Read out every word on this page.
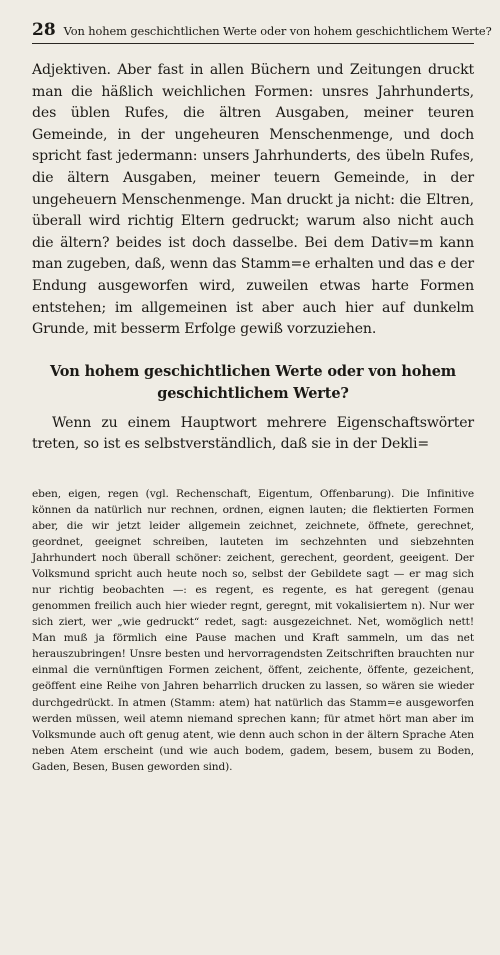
28 Von hohem geschichtlichen Werte oder von hohem geschichtlichem Werte?

Adjektiven. Aber fast in allen Büchern und Zeitungen druckt man die häßlich weichlichen Formen: unsres Jahrhunderts, des üblen Rufes, die ältren Ausgaben, meiner teuren Gemeinde, in der ungeheuren Menschenmenge, und doch spricht fast jedermann: unsers Jahrhunderts, des übeln Rufes, die ältern Ausgaben, meiner teuern Gemeinde, in der ungeheuern Menschenmenge. Man druckt ja nicht: die Eltren, überall wird richtig Eltern gedruckt; warum also nicht auch die ältern? beides ist doch dasselbe. Bei dem Dativ=m kann man zugeben, daß, wenn das Stamm=e erhalten und das e der Endung ausgeworfen wird, zuweilen etwas harte Formen entstehen; im allgemeinen ist aber auch hier auf dunkelm Grunde, mit besserm Erfolge gewiß vorzuziehen.

Von hohem geschichtlichen Werte oder von hohem geschichtlichem Werte?

Wenn zu einem Hauptwort mehrere Eigenschaftswörter treten, so ist es selbstverständlich, daß sie in der Dekli=

eben, eigen, regen (vgl. Rechenschaft, Eigentum, Offenbarung). Die Infinitive können da natürlich nur rechnen, ordnen, eignen lauten; die flektierten Formen aber, die wir jetzt leider allgemein zeichnet, zeichnete, öffnete, gerechnet, geordnet, geeignet schreiben, lauteten im sechzehnten und siebzehnten Jahrhundert noch überall schöner: zeichent, gerechent, geordent, geeigent. Der Volksmund spricht auch heute noch so, selbst der Gebildete sagt — er mag sich nur richtig beobachten —: es regent, es regente, es hat geregent (genau genommen freilich auch hier wieder regnt, geregnt, mit vokalisiertem n). Nur wer sich ziert, wer „wie gedruckt“ redet, sagt: ausgezeichnet. Net, womöglich nett! Man muß ja förmlich eine Pause machen und Kraft sammeln, um das net herauszubringen! Unsre besten und hervorragendsten Zeitschriften brauchten nur einmal die vernünftigen Formen zeichent, öffent, zeichente, öffente, gezeichent, geöffent eine Reihe von Jahren beharrlich drucken zu lassen, so wären sie wieder durchgedrückt. In atmen (Stamm: atem) hat natürlich das Stamm=e ausgeworfen werden müssen, weil atemn niemand sprechen kann; für atmet hört man aber im Volksmunde auch oft genug atent, wie denn auch schon in der ältern Sprache Aten neben Atem erscheint (und wie auch bodem, gadem, besem, busem zu Boden, Gaden, Besen, Busen geworden sind).
